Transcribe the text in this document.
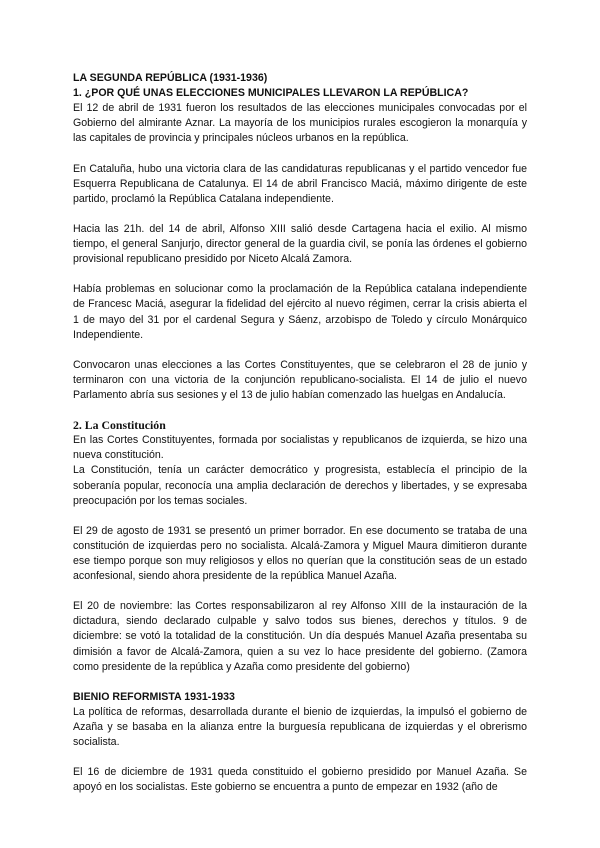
LA SEGUNDA REPÚBLICA (1931-1936)
1. ¿POR QUÉ UNAS ELECCIONES MUNICIPALES LLEVARON LA REPÚBLICA?

El 12 de abril de 1931 fueron los resultados de las elecciones municipales convocadas por el Gobierno del almirante Aznar. La mayoría de los municipios rurales escogieron la monarquía y las capitales de provincia y principales núcleos urbanos en la república.

En Cataluña, hubo una victoria clara de las candidaturas republicanas y el partido vencedor fue Esquerra Republicana de Catalunya. El 14 de abril Francisco Maciá, máximo dirigente de este partido, proclamó la República Catalana independiente.

Hacia las 21h. del 14 de abril, Alfonso XIII salió desde Cartagena hacia el exilio. Al mismo tiempo, el general Sanjurjo, director general de la guardia civil, se ponía las órdenes el gobierno provisional republicano presidido por Niceto Alcalá Zamora.

Había problemas en solucionar como la proclamación de la República catalana independiente de Francesc Maciá, asegurar la fidelidad del ejército al nuevo régimen, cerrar la crisis abierta el 1 de mayo del 31 por el cardenal Segura y Sáenz, arzobispo de Toledo y círculo Monárquico Independiente.

Convocaron unas elecciones a las Cortes Constituyentes, que se celebraron el 28 de junio y terminaron con una victoria de la conjunción republicano-socialista. El 14 de julio el nuevo Parlamento abría sus sesiones y el 13 de julio habían comenzado las huelgas en Andalucía.

2. La Constitución

En las Cortes Constituyentes, formada por socialistas y republicanos de izquierda, se hizo una nueva constitución.

La Constitución, tenía un carácter democrático y progresista, establecía el principio de la soberanía popular, reconocía una amplia declaración de derechos y libertades, y se expresaba preocupación por los temas sociales.

El 29 de agosto de 1931 se presentó un primer borrador. En ese documento se trataba de una constitución de izquierdas pero no socialista. Alcalá-Zamora y Miguel Maura dimitieron durante ese tiempo porque son muy religiosos y ellos no querían que la constitución seas de un estado aconfesional, siendo ahora presidente de la república Manuel Azaña.

El 20 de noviembre: las Cortes responsabilizaron al rey Alfonso XIII de la instauración de la dictadura, siendo declarado culpable y salvo todos sus bienes, derechos y títulos. 9 de diciembre: se votó la totalidad de la constitución. Un día después Manuel Azaña presentaba su dimisión a favor de Alcalá-Zamora, quien a su vez lo hace presidente del gobierno. (Zamora como presidente de la república y Azaña como presidente del gobierno)

BIENIO REFORMISTA 1931-1933

La política de reformas, desarrollada durante el bienio de izquierdas, la impulsó el gobierno de Azaña y se basaba en la alianza entre la burguesía republicana de izquierdas y el obrerismo socialista.

El 16 de diciembre de 1931 queda constituido el gobierno presidido por Manuel Azaña. Se apoyó en los socialistas. Este gobierno se encuentra a punto de empezar en 1932 (año de
